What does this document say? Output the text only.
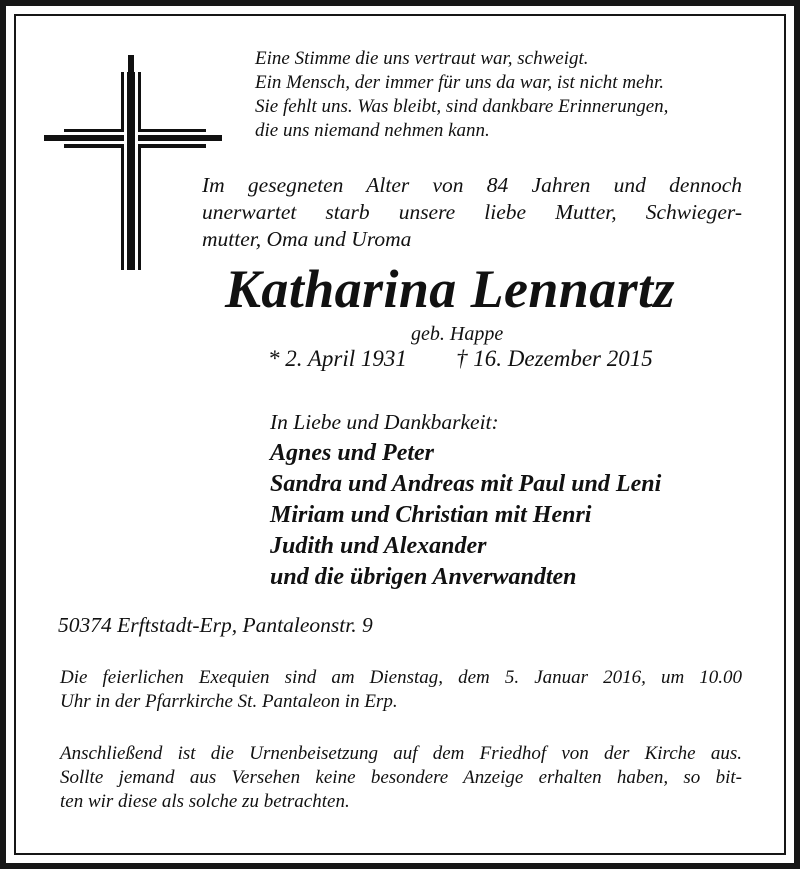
Eine Stimme die uns vertraut war, schweigt.
Ein Mensch, der immer für uns da war, ist nicht mehr.
Sie fehlt uns. Was bleibt, sind dankbare Erinnerungen,
die uns niemand nehmen kann.
Im gesegneten Alter von 84 Jahren und dennoch
unerwartet starb unsere liebe Mutter, Schwieger-
mutter, Oma und Uroma
Katharina Lennartz
geb. Happe
* 2. April 1931 † 16. Dezember 2015
In Liebe und Dankbarkeit:
Agnes und Peter
Sandra und Andreas mit Paul und Leni
Miriam und Christian mit Henri
Judith und Alexander
und die übrigen Anverwandten
50374 Erftstadt-Erp, Pantaleonstr. 9
Die feierlichen Exequien sind am Dienstag, dem 5. Januar 2016, um 10.00
Uhr in der Pfarrkirche St. Pantaleon in Erp.
Anschließend ist die Urnenbeisetzung auf dem Friedhof von der Kirche aus.
Sollte jemand aus Versehen keine besondere Anzeige erhalten haben, so bit-
ten wir diese als solche zu betrachten.
